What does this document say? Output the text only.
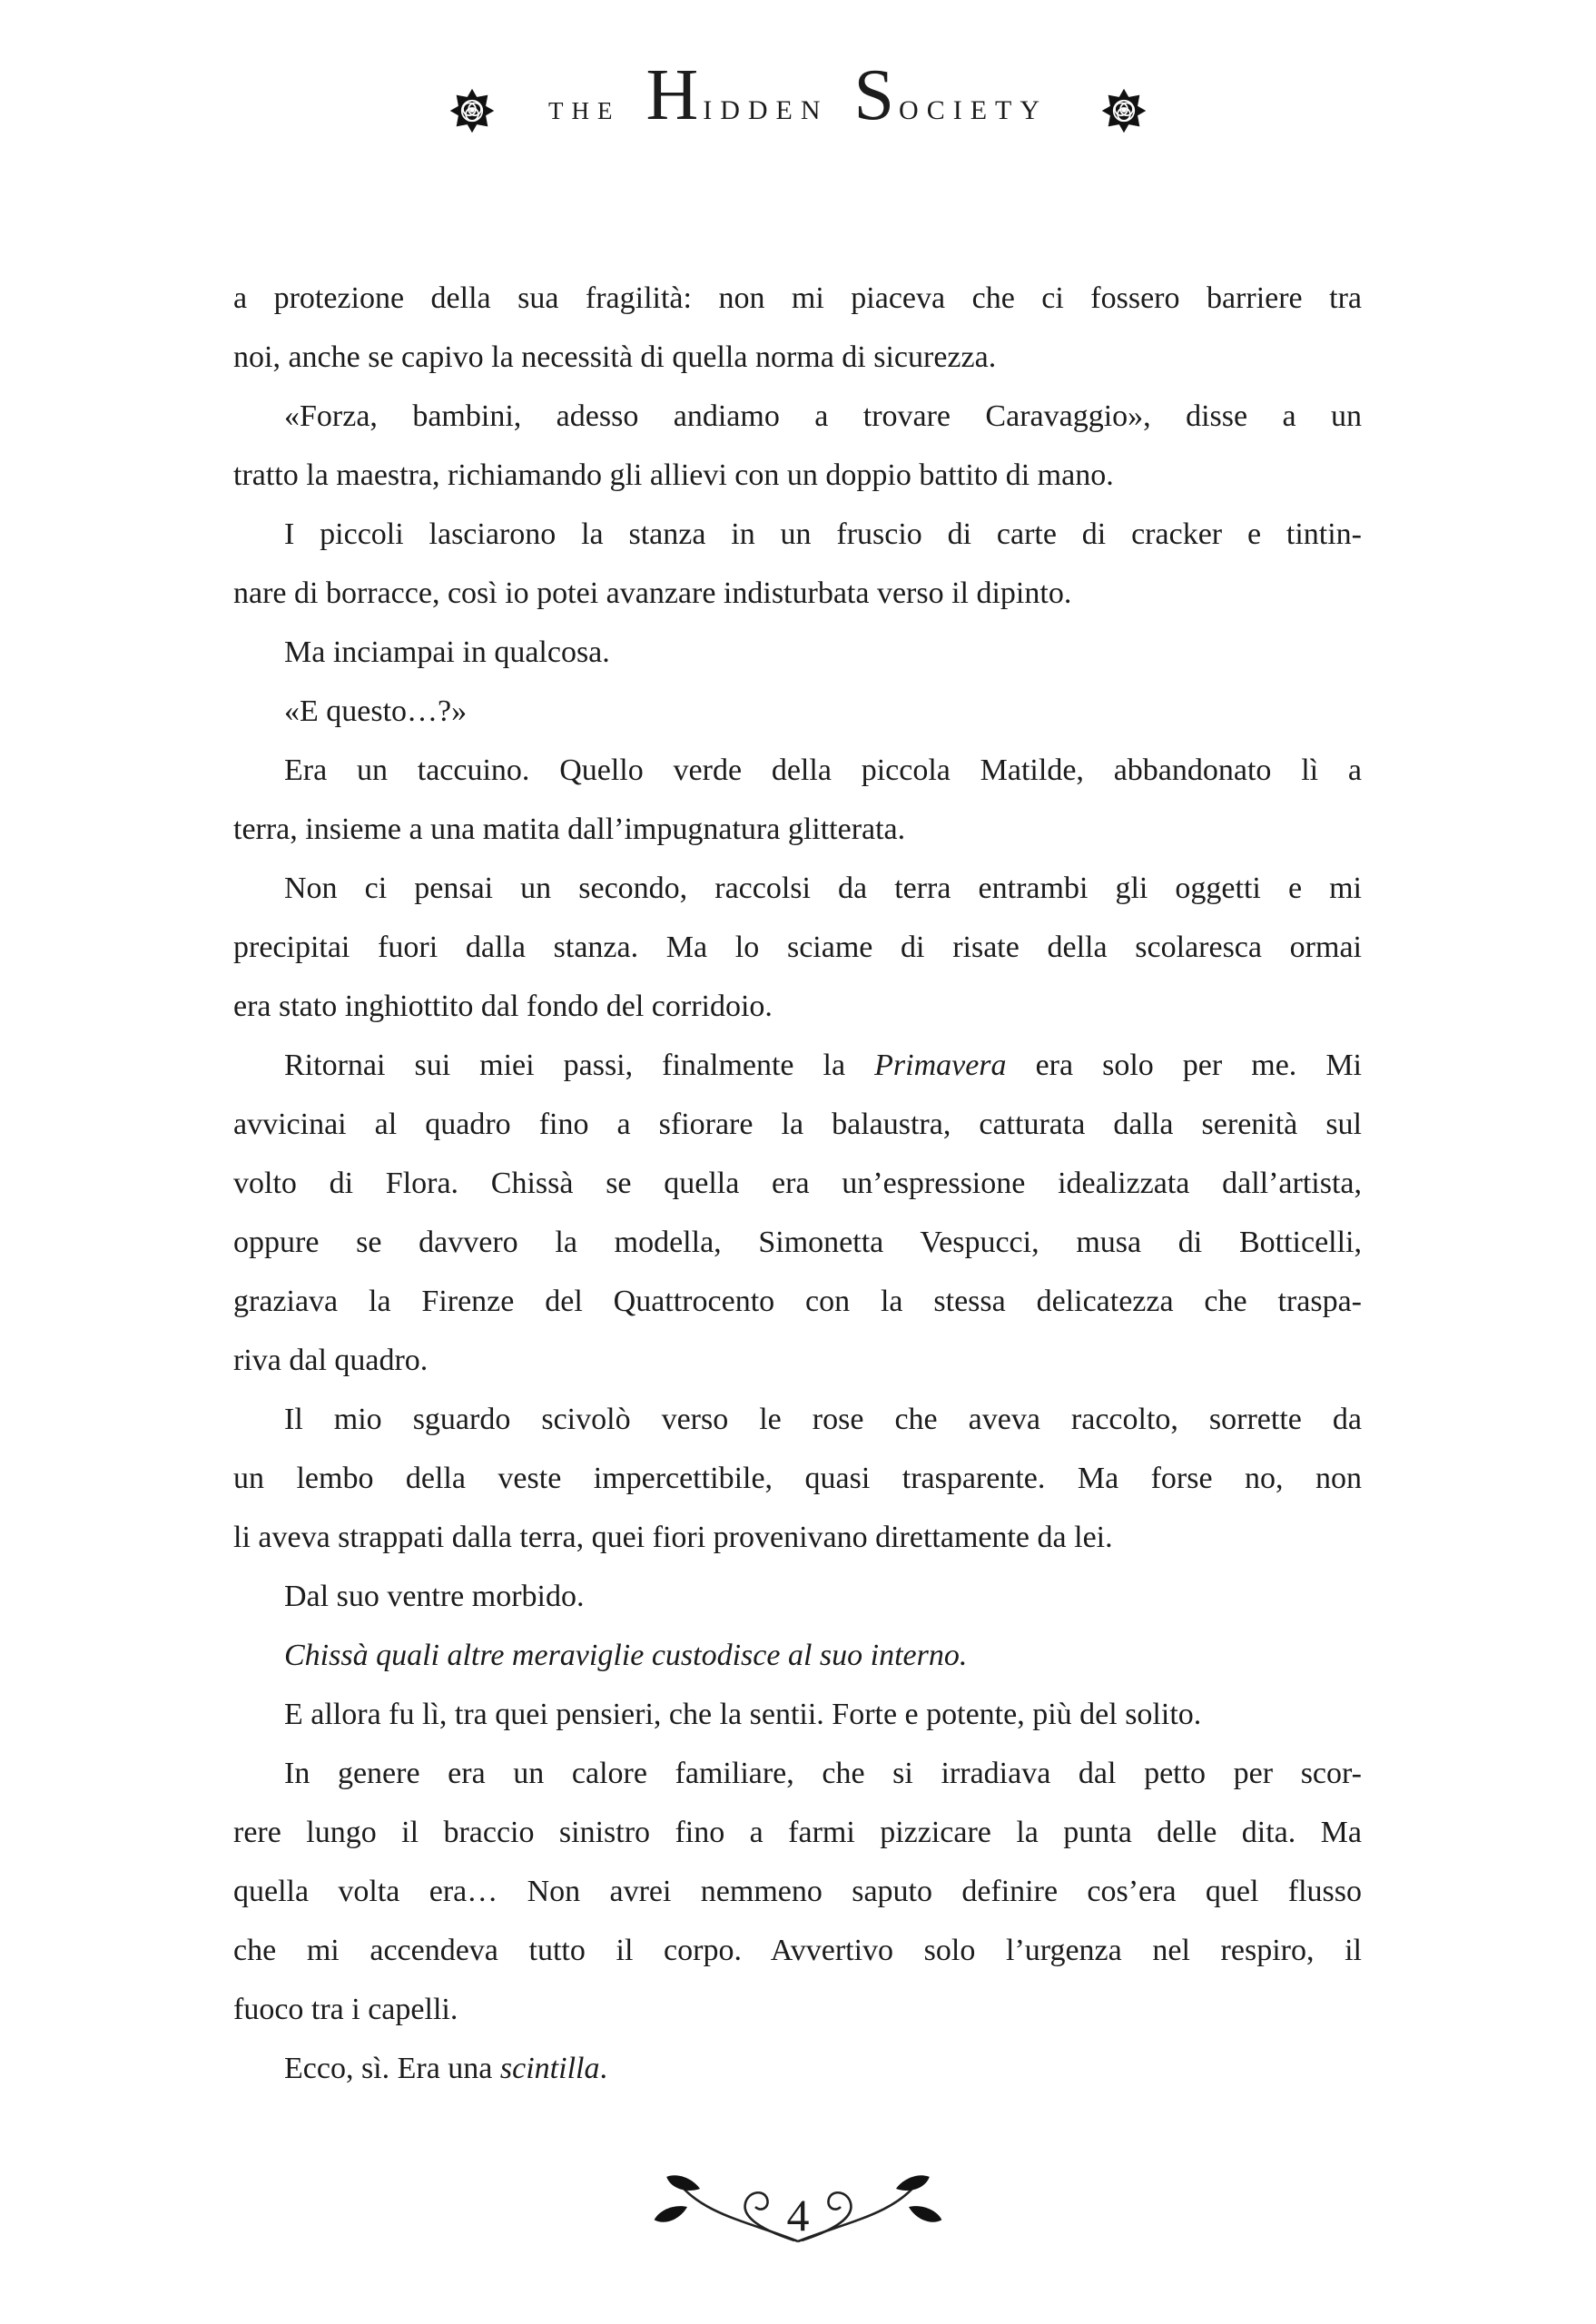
THE H IDDEN S OCIETY
a protezione della sua fragilità: non mi piaceva che ci fossero barriere tra
noi, anche se capivo la necessità di quella norma di sicurezza.
«Forza, bambini, adesso andiamo a trovare Caravaggio», disse a un
tratto la maestra, richiamando gli allievi con un doppio battito di mano.
I piccoli lasciarono la stanza in un fruscio di carte di cracker e tintin-
nare di borracce, così io potei avanzare indisturbata verso il dipinto.
Ma inciampai in qualcosa.
«E questo…?»
Era un taccuino. Quello verde della piccola Matilde, abbandonato lì a
terra, insieme a una matita dall’impugnatura glitterata.
Non ci pensai un secondo, raccolsi da terra entrambi gli oggetti e mi
precipitai fuori dalla stanza. Ma lo sciame di risate della scolaresca ormai
era stato inghiottito dal fondo del corridoio.
Ritornai sui miei passi, finalmente la Primavera era solo per me. Mi
avvicinai al quadro fino a sfiorare la balaustra, catturata dalla serenità sul
volto di Flora. Chissà se quella era un’espressione idealizzata dall’artista,
oppure se davvero la modella, Simonetta Vespucci, musa di Botticelli,
graziava la Firenze del Quattrocento con la stessa delicatezza che traspa-
riva dal quadro.
Il mio sguardo scivolò verso le rose che aveva raccolto, sorrette da
un lembo della veste impercettibile, quasi trasparente. Ma forse no, non
li aveva strappati dalla terra, quei fiori provenivano direttamente da lei.
Dal suo ventre morbido.
Chissà quali altre meraviglie custodisce al suo interno.
E allora fu lì, tra quei pensieri, che la sentii. Forte e potente, più del solito.
In genere era un calore familiare, che si irradiava dal petto per scor-
rere lungo il braccio sinistro fino a farmi pizzicare la punta delle dita. Ma
quella volta era… Non avrei nemmeno saputo definire cos’era quel flusso
che mi accendeva tutto il corpo. Avvertivo solo l’urgenza nel respiro, il
fuoco tra i capelli.
Ecco, sì. Era una scintilla.
4
